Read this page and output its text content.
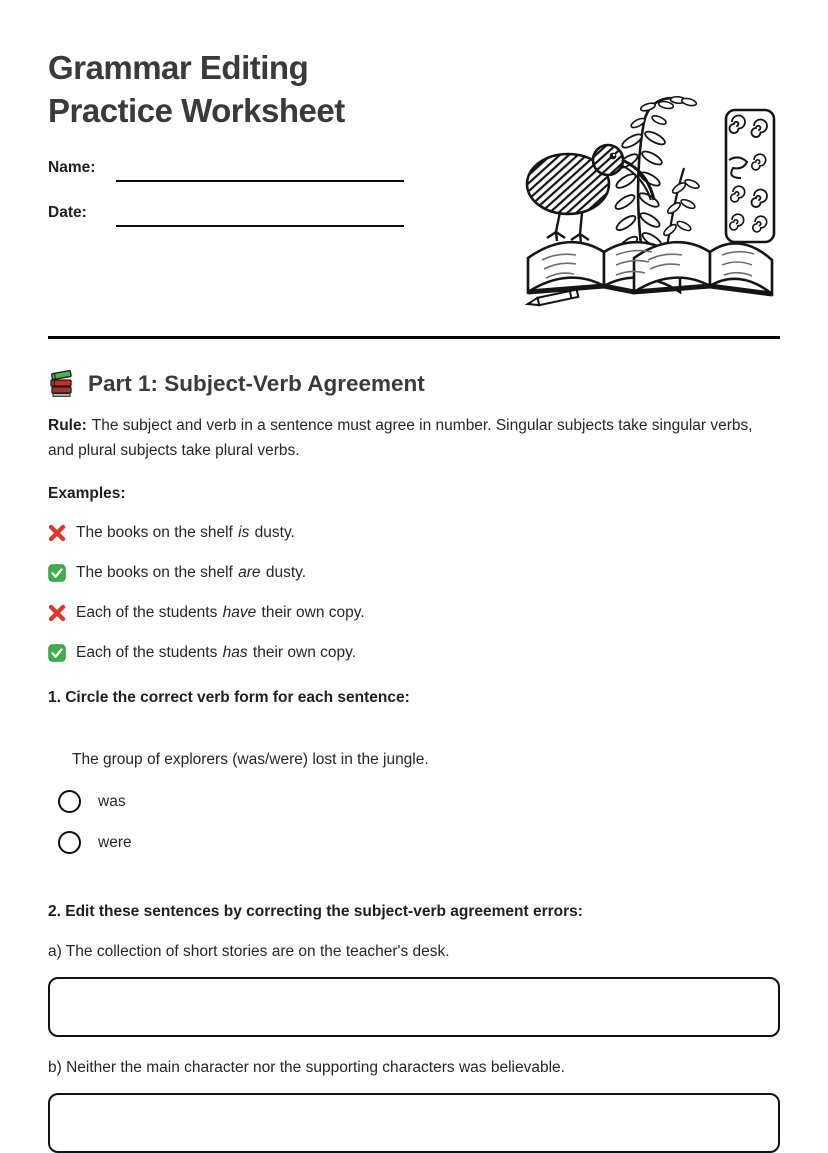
Grammar Editing
Practice Worksheet
Name:
Date:
Part 1: Subject-Verb Agreement

Rule: The subject and verb in a sentence must agree in number. Singular subjects take singular verbs, and plural subjects take plural verbs.

Examples:
The books on the shelf is dusty.
The books on the shelf are dusty.
Each of the students have their own copy.
Each of the students has their own copy.
1. Circle the correct verb form for each sentence:
The group of explorers (was/were) lost in the jungle.
was
were
2. Edit these sentences by correcting the subject-verb agreement errors:
a) The collection of short stories are on the teacher's desk.
b) Neither the main character nor the supporting characters was believable.
